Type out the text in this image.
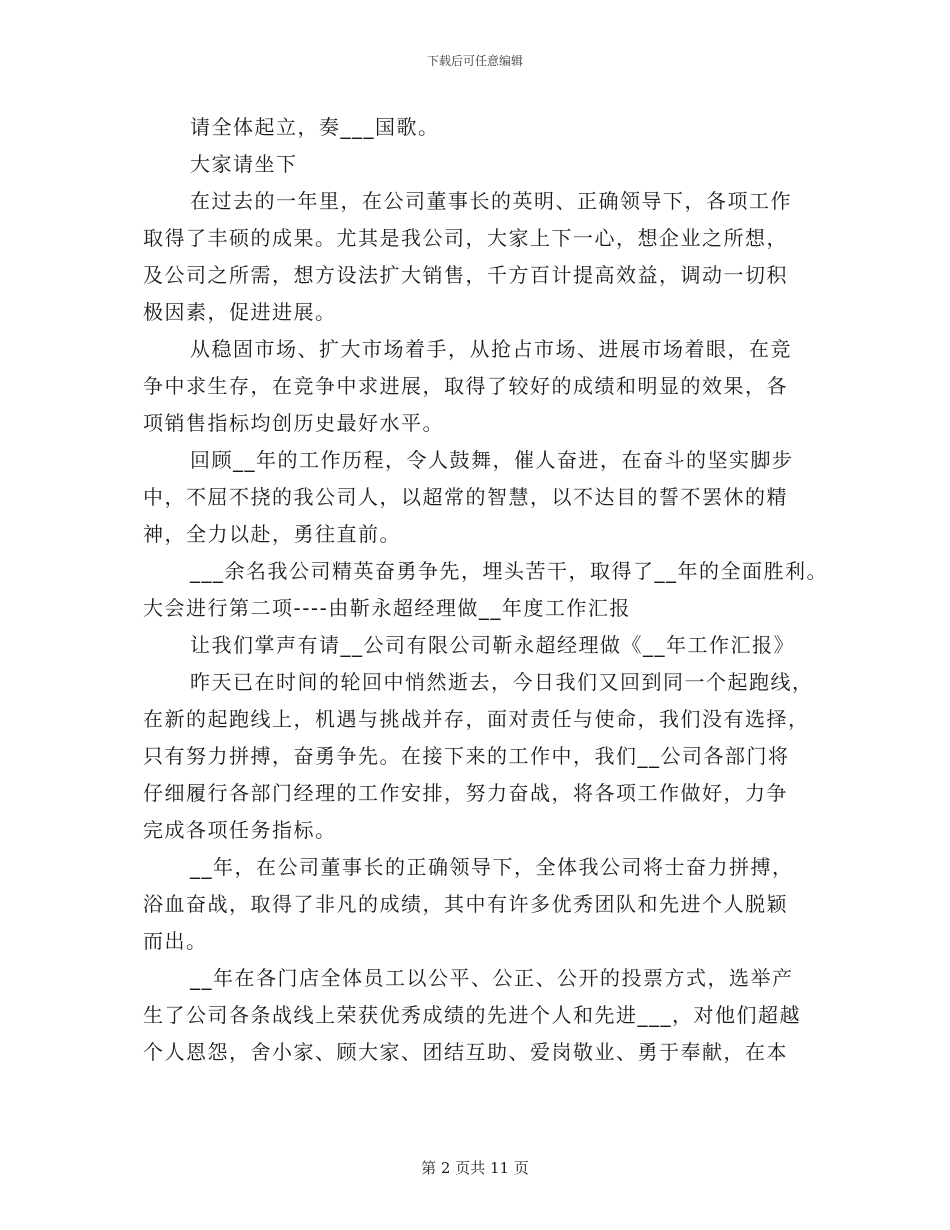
下载后可任意编辑
请全体起立，奏___国歌。
大家请坐下
在过去的一年里，在公司董事长的英明、正确领导下，各项工作
取得了丰硕的成果。尤其是我公司，大家上下一心，想企业之所想，
及公司之所需，想方设法扩大销售，千方百计提高效益，调动一切积
极因素，促进进展。
从稳固市场、扩大市场着手，从抢占市场、进展市场着眼，在竞
争中求生存，在竞争中求进展，取得了较好的成绩和明显的效果，各
项销售指标均创历史最好水平。
回顾__年的工作历程，令人鼓舞，催人奋进，在奋斗的坚实脚步
中，不屈不挠的我公司人，以超常的智慧，以不达目的誓不罢休的精
神，全力以赴，勇往直前。
___余名我公司精英奋勇争先，埋头苦干，取得了__年的全面胜利。
大会进行第二项----由靳永超经理做__年度工作汇报
让我们掌声有请__公司有限公司靳永超经理做《__年工作汇报》
昨天已在时间的轮回中悄然逝去，今日我们又回到同一个起跑线，
在新的起跑线上，机遇与挑战并存，面对责任与使命，我们没有选择，
只有努力拼搏，奋勇争先。在接下来的工作中，我们__公司各部门将
仔细履行各部门经理的工作安排，努力奋战，将各项工作做好，力争
完成各项任务指标。
__年，在公司董事长的正确领导下，全体我公司将士奋力拼搏，
浴血奋战，取得了非凡的成绩，其中有许多优秀团队和先进个人脱颖
而出。
__年在各门店全体员工以公平、公正、公开的投票方式，选举产
生了公司各条战线上荣获优秀成绩的先进个人和先进___，对他们超越
个人恩怨，舍小家、顾大家、团结互助、爱岗敬业、勇于奉献，在本
第 2 页共 11 页
